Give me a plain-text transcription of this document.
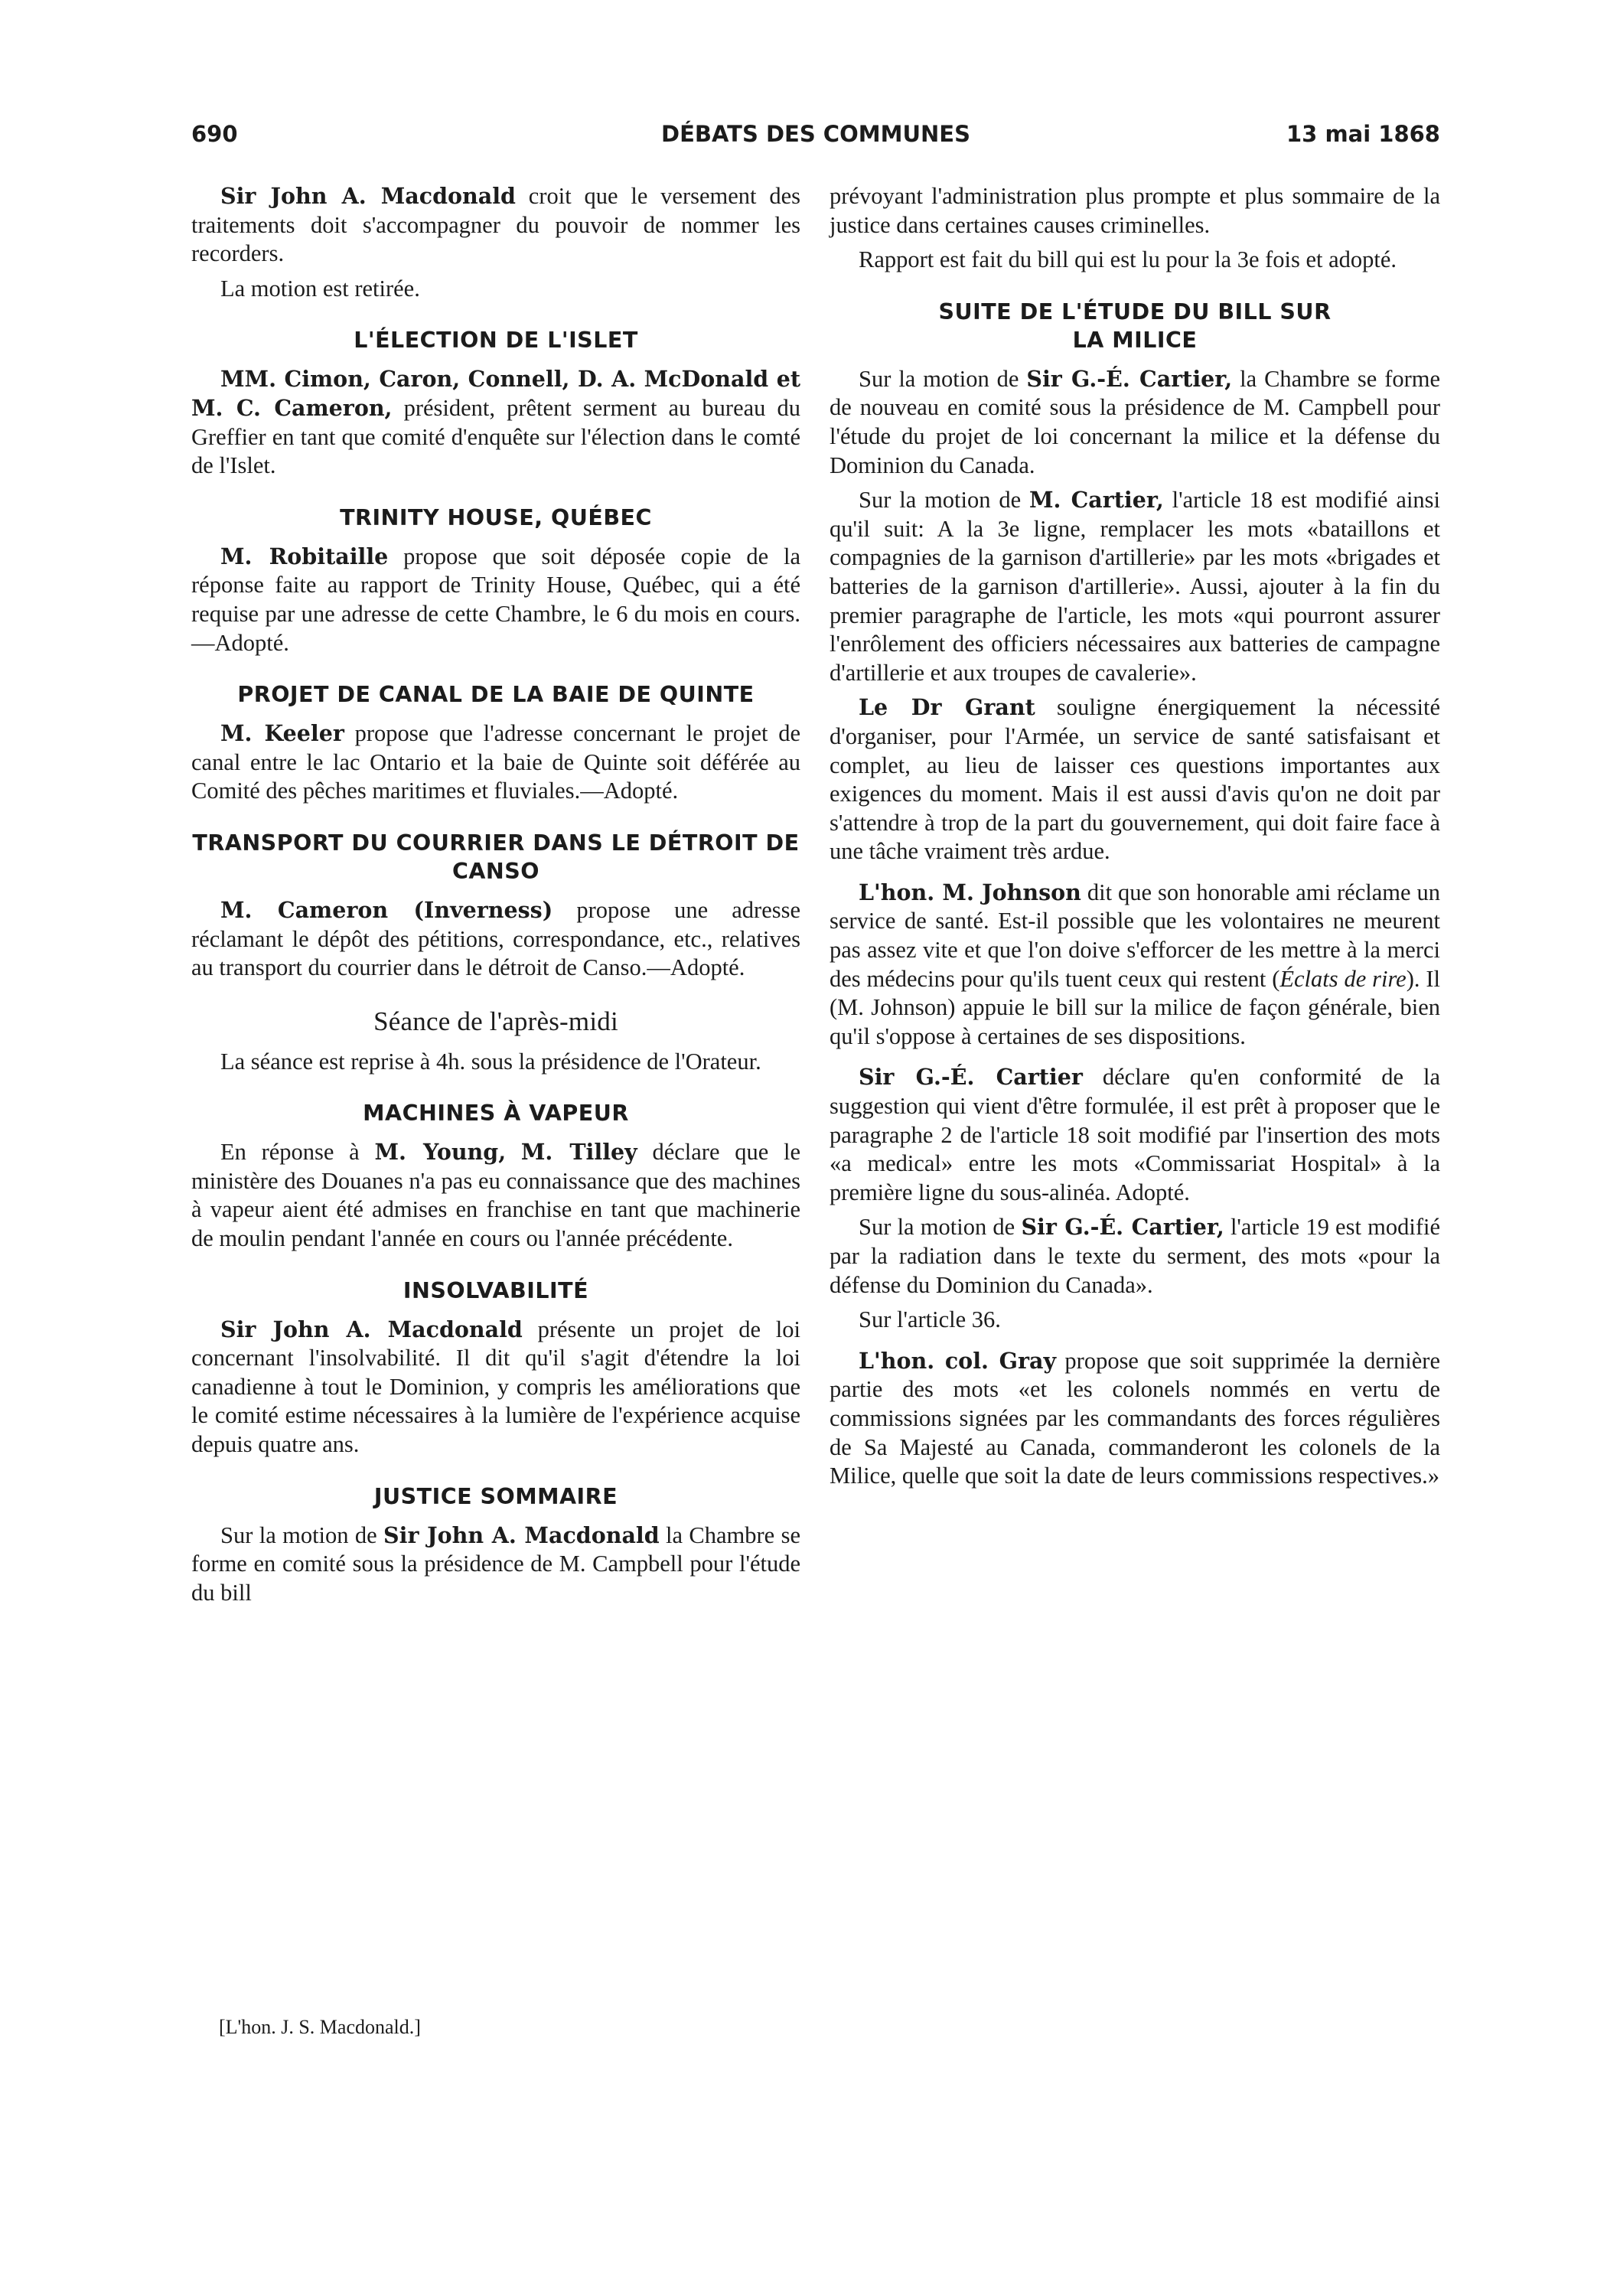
690	DÉBATS DES COMMUNES	13 mai 1868

Sir John A. Macdonald croit que le versement des traitements doit s'accompagner du pouvoir de nommer les recorders.

La motion est retirée.

L'ÉLECTION DE L'ISLET

MM. Cimon, Caron, Connell, D. A. McDonald et M. C. Cameron, président, prêtent serment au bureau du Greffier en tant que comité d'enquête sur l'élection dans le comté de l'Islet.

TRINITY HOUSE, QUÉBEC

M. Robitaille propose que soit déposée copie de la réponse faite au rapport de Trinity House, Québec, qui a été requise par une adresse de cette Chambre, le 6 du mois en cours.—Adopté.

PROJET DE CANAL DE LA BAIE DE QUINTE

M. Keeler propose que l'adresse concernant le projet de canal entre le lac Ontario et la baie de Quinte soit déférée au Comité des pêches maritimes et fluviales.—Adopté.

TRANSPORT DU COURRIER DANS LE DÉTROIT DE CANSO

M. Cameron (Inverness) propose une adresse réclamant le dépôt des pétitions, correspondance, etc., relatives au transport du courrier dans le détroit de Canso.—Adopté.

Séance de l'après-midi

La séance est reprise à 4h. sous la présidence de l'Orateur.

MACHINES À VAPEUR

En réponse à M. Young, M. Tilley déclare que le ministère des Douanes n'a pas eu connaissance que des machines à vapeur aient été admises en franchise en tant que machinerie de moulin pendant l'année en cours ou l'année précédente.

INSOLVABILITÉ

Sir John A. Macdonald présente un projet de loi concernant l'insolvabilité. Il dit qu'il s'agit d'étendre la loi canadienne à tout le Dominion, y compris les améliorations que le comité estime nécessaires à la lumière de l'expérience acquise depuis quatre ans.

JUSTICE SOMMAIRE

Sur la motion de Sir John A. Macdonald la Chambre se forme en comité sous la présidence de M. Campbell pour l'étude du bill

prévoyant l'administration plus prompte et plus sommaire de la justice dans certaines causes criminelles.

Rapport est fait du bill qui est lu pour la 3e fois et adopté.

SUITE DE L'ÉTUDE DU BILL SUR LA MILICE

Sur la motion de Sir G.-É. Cartier, la Chambre se forme de nouveau en comité sous la présidence de M. Campbell pour l'étude du projet de loi concernant la milice et la défense du Dominion du Canada.

Sur la motion de M. Cartier, l'article 18 est modifié ainsi qu'il suit: A la 3e ligne, remplacer les mots «bataillons et compagnies de la garnison d'artillerie» par les mots «brigades et batteries de la garnison d'artillerie». Aussi, ajouter à la fin du premier paragraphe de l'article, les mots «qui pourront assurer l'enrôlement des officiers nécessaires aux batteries de campagne d'artillerie et aux troupes de cavalerie».

Le Dr Grant souligne énergiquement la nécessité d'organiser, pour l'Armée, un service de santé satisfaisant et complet, au lieu de laisser ces questions importantes aux exigences du moment. Mais il est aussi d'avis qu'on ne doit par s'attendre à trop de la part du gouvernement, qui doit faire face à une tâche vraiment très ardue.

L'hon. M. Johnson dit que son honorable ami réclame un service de santé. Est-il possible que les volontaires ne meurent pas assez vite et que l'on doive s'efforcer de les mettre à la merci des médecins pour qu'ils tuent ceux qui restent (Éclats de rire). Il (M. Johnson) appuie le bill sur la milice de façon générale, bien qu'il s'oppose à certaines de ses dispositions.

Sir G.-É. Cartier déclare qu'en conformité de la suggestion qui vient d'être formulée, il est prêt à proposer que le paragraphe 2 de l'article 18 soit modifié par l'insertion des mots «a medical» entre les mots «Commissariat Hospital» à la première ligne du sous-alinéa. Adopté.

Sur la motion de Sir G.-É. Cartier, l'article 19 est modifié par la radiation dans le texte du serment, des mots «pour la défense du Dominion du Canada».

Sur l'article 36.

L'hon. col. Gray propose que soit supprimée la dernière partie des mots «et les colonels nommés en vertu de commissions signées par les commandants des forces régulières de Sa Majesté au Canada, commanderont les colonels de la Milice, quelle que soit la date de leurs commissions respectives.»

[L'hon. J. S. Macdonald.]
